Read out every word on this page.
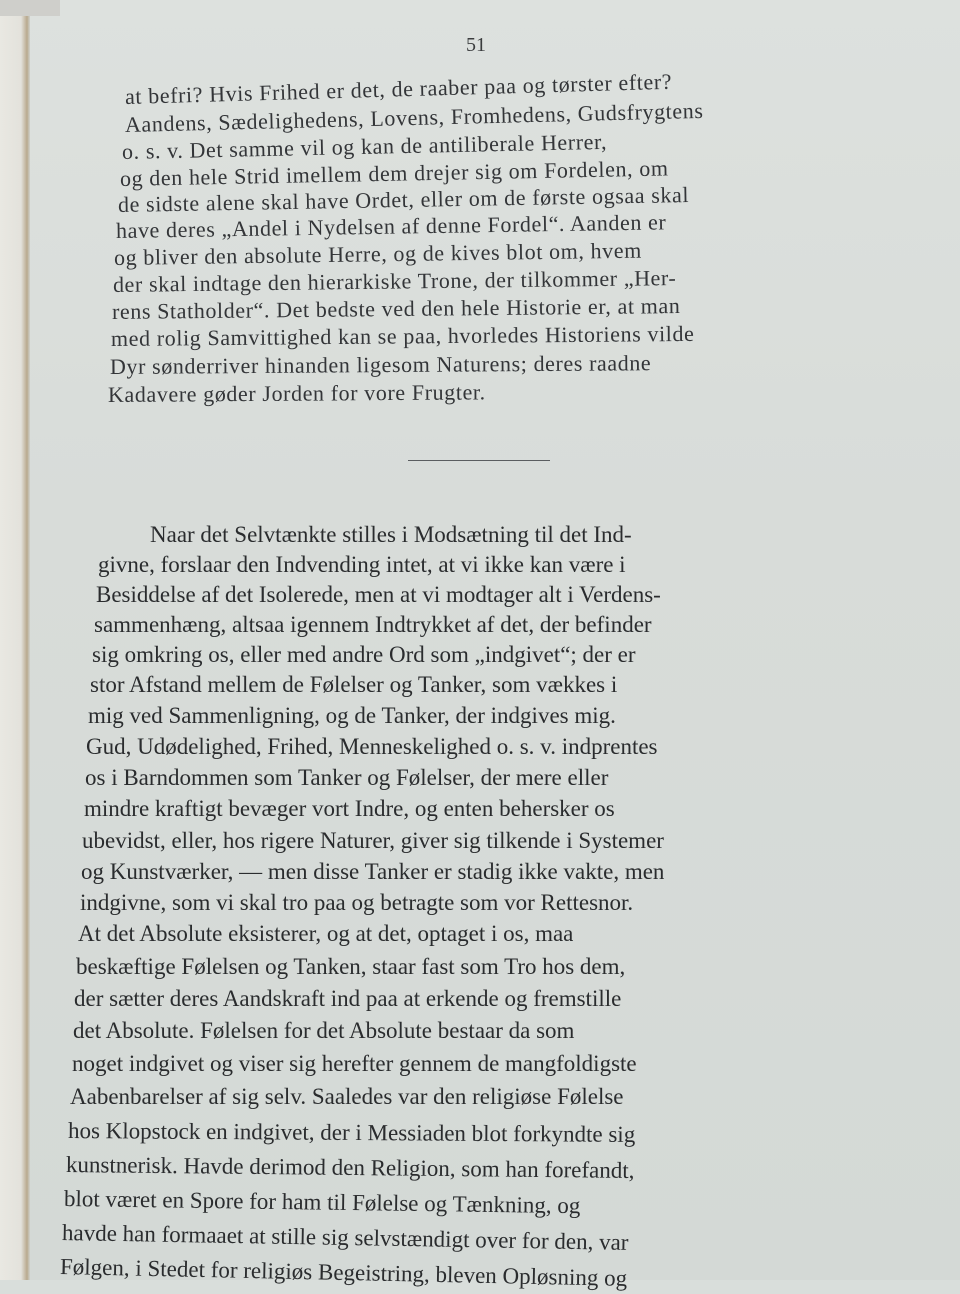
51
at befri? Hvis Frihed er det, de raaber paa og tørster efter?
Aandens, Sædelighedens, Lovens, Fromhedens, Gudsfrygtens
o. s. v. Det samme vil og kan de antiliberale Herrer,
og den hele Strid imellem dem drejer sig om Fordelen, om
de sidste alene skal have Ordet, eller om de første ogsaa skal
have deres „Andel i Nydelsen af denne Fordel“. Aanden er
og bliver den absolute Herre, og de kives blot om, hvem
der skal indtage den hierarkiske Trone, der tilkommer „Her-
rens Statholder“. Det bedste ved den hele Historie er, at man
med rolig Samvittighed kan se paa, hvorledes Historiens vilde
Dyr sønderriver hinanden ligesom Naturens; deres raadne
Kadavere gøder Jorden for vore Frugter.
Naar det Selvtænkte stilles i Modsætning til det Ind-
givne, forslaar den Indvending intet, at vi ikke kan være i
Besiddelse af det Isolerede, men at vi modtager alt i Verdens-
sammenhæng, altsaa igennem Indtrykket af det, der befinder
sig omkring os, eller med andre Ord som „indgivet“; der er
stor Afstand mellem de Følelser og Tanker, som vækkes i
mig ved Sammenligning, og de Tanker, der indgives mig.
Gud, Udødelighed, Frihed, Menneskelighed o. s. v. indprentes
os i Barndommen som Tanker og Følelser, der mere eller
mindre kraftigt bevæger vort Indre, og enten behersker os
ubevidst, eller, hos rigere Naturer, giver sig tilkende i Systemer
og Kunstværker, — men disse Tanker er stadig ikke vakte, men
indgivne, som vi skal tro paa og betragte som vor Rettesnor.
At det Absolute eksisterer, og at det, optaget i os, maa
beskæftige Følelsen og Tanken, staar fast som Tro hos dem,
der sætter deres Aandskraft ind paa at erkende og fremstille
det Absolute. Følelsen for det Absolute bestaar da som
noget indgivet og viser sig herefter gennem de mangfoldigste
Aabenbarelser af sig selv. Saaledes var den religiøse Følelse
hos Klopstock en indgivet, der i Messiaden blot forkyndte sig
kunstnerisk. Havde derimod den Religion, som han forefandt,
blot været en Spore for ham til Følelse og Tænkning, og
havde han formaaet at stille sig selvstændigt over for den, var
Følgen, i Stedet for religiøs Begeistring, bleven Opløsning og
